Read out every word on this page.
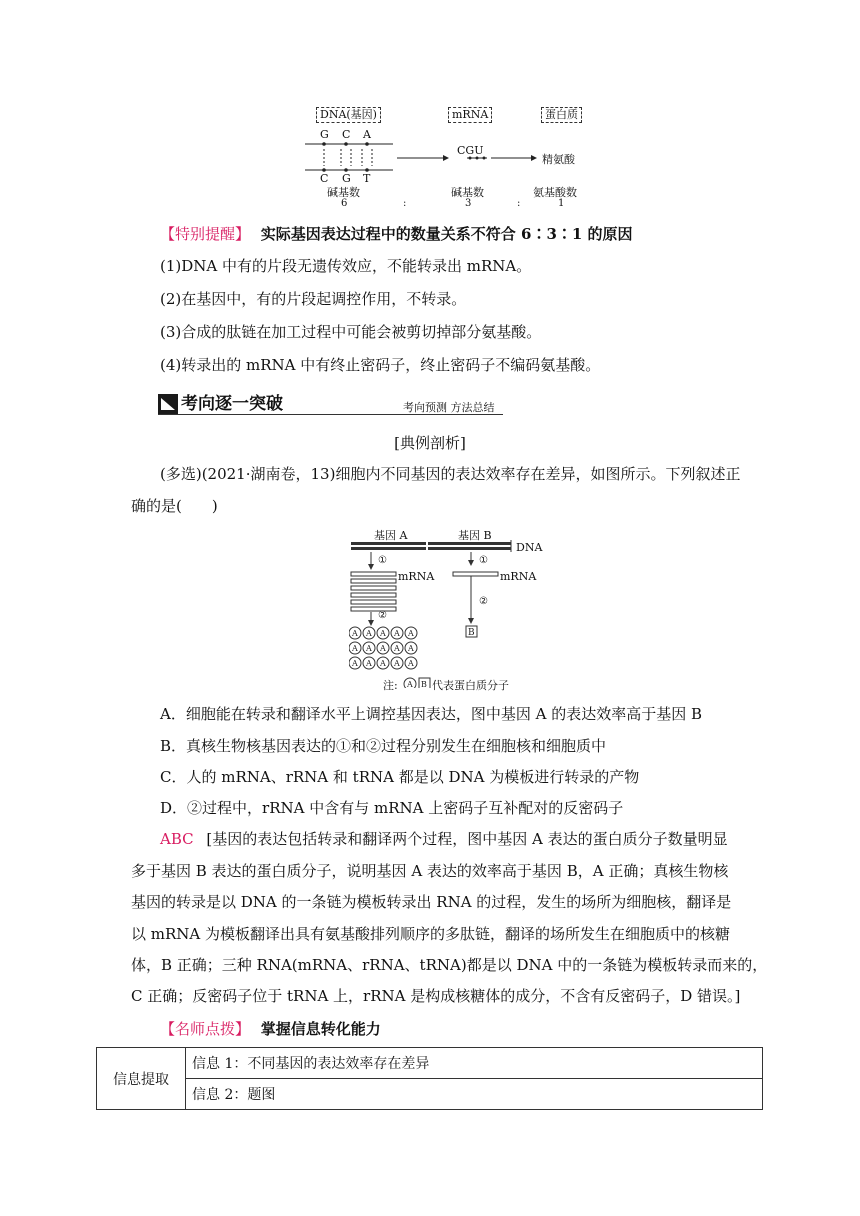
DNA(基因)	mRNA	蛋白质
G C A
C G T
CGU
精氨酸
碱基数	碱基数	氨基酸数
6	:	3	:	1
【特别提醒】 实际基因表达过程中的数量关系不符合 6∶3∶1 的原因
(1)DNA 中有的片段无遗传效应，不能转录出 mRNA。
(2)在基因中，有的片段起调控作用，不转录。
(3)合成的肽链在加工过程中可能会被剪切掉部分氨基酸。
(4)转录出的 mRNA 中有终止密码子，终止密码子不编码氨基酸。
考向逐一突破	考向预测 方法总结
[典例剖析]
(多选)(2021·湖南卷，13)细胞内不同基因的表达效率存在差异，如图所示。下列叙述正
确的是(　　)
基因 A	基因 B
B
A A A A A
A A A A A
A A A A A
A B
DNA
①	①
mRNA	mRNA
②
②
注:	代表蛋白质分子
A．细胞能在转录和翻译水平上调控基因表达，图中基因 A 的表达效率高于基因 B
B．真核生物核基因表达的①和②过程分别发生在细胞核和细胞质中
C．人的 mRNA、rRNA 和 tRNA 都是以 DNA 为模板进行转录的产物
D．②过程中，rRNA 中含有与 mRNA 上密码子互补配对的反密码子
ABC [基因的表达包括转录和翻译两个过程，图中基因 A 表达的蛋白质分子数量明显
多于基因 B 表达的蛋白质分子，说明基因 A 表达的效率高于基因 B，A 正确；真核生物核
基因的转录是以 DNA 的一条链为模板转录出 RNA 的过程，发生的场所为细胞核，翻译是
以 mRNA 为模板翻译出具有氨基酸排列顺序的多肽链，翻译的场所发生在细胞质中的核糖
体，B 正确；三种 RNA(mRNA、rRNA、tRNA)都是以 DNA 中的一条链为模板转录而来的，
C 正确；反密码子位于 tRNA 上，rRNA 是构成核糖体的成分，不含有反密码子，D 错误。]
【名师点拨】 掌握信息转化能力
信息提取	信息 1：不同基因的表达效率存在差异
信息 2：题图
